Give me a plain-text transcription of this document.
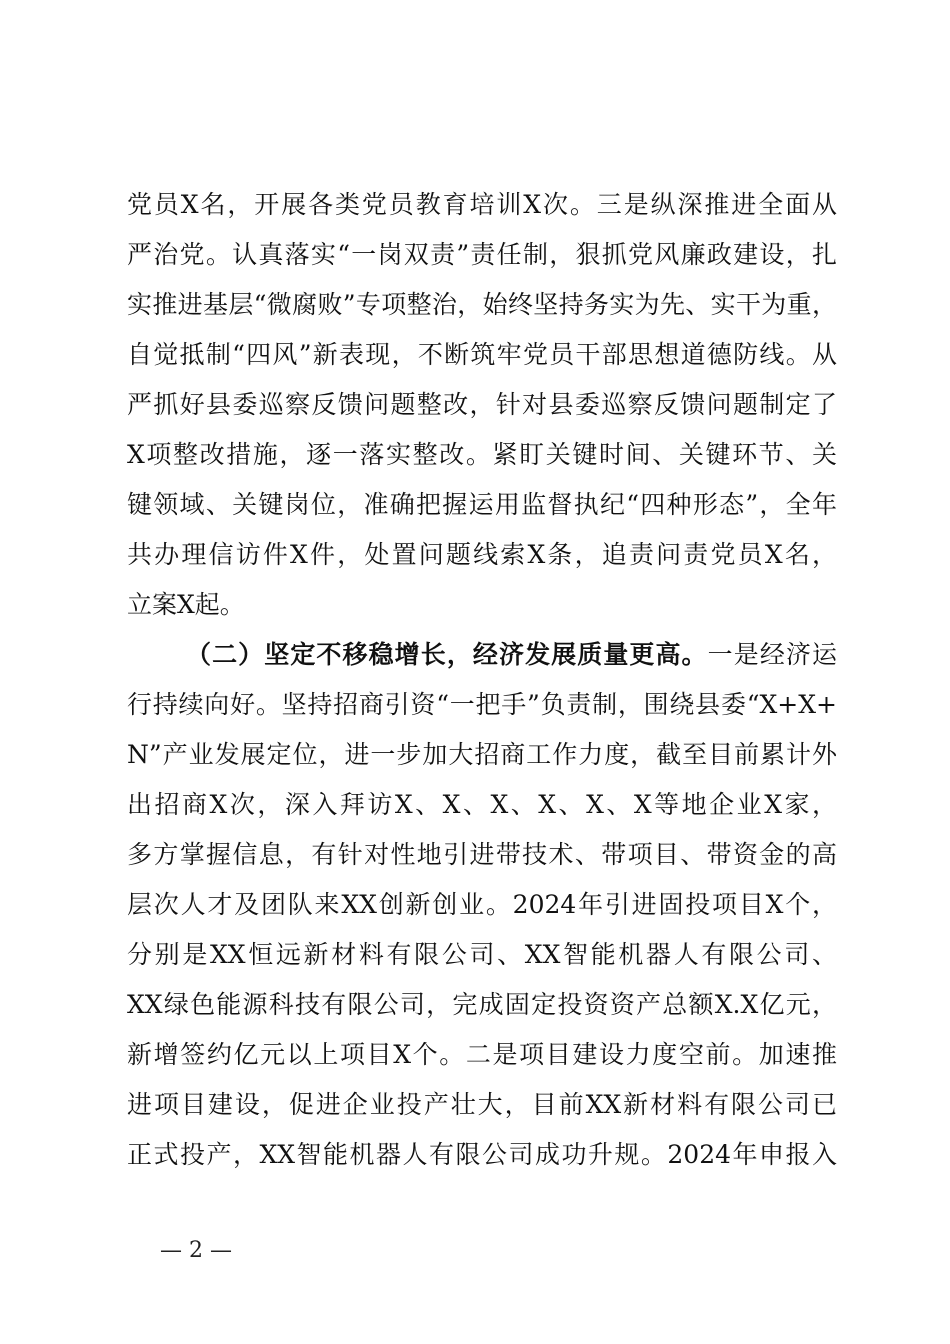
党员X名，开展各类党员教育培训X次。三是纵深推进全面从
严治党。认真落实“一岗双责”责任制，狠抓党风廉政建设，扎
实推进基层“微腐败”专项整治，始终坚持务实为先、实干为重，
自觉抵制“四风”新表现，不断筑牢党员干部思想道德防线。从
严抓好县委巡察反馈问题整改，针对县委巡察反馈问题制定了
X项整改措施，逐一落实整改。紧盯关键时间、关键环节、关
键领域、关键岗位，准确把握运用监督执纪“四种形态”，全年
共办理信访件X件，处置问题线索X条，追责问责党员X名，
立案X起。
（二）坚定不移稳增长，经济发展质量更高。一是经济运
行持续向好。坚持招商引资“一把手”负责制，围绕县委“X+X+
N”产业发展定位，进一步加大招商工作力度，截至目前累计外
出招商X次，深入拜访X、X、X、X、X、X等地企业X家，
多方掌握信息，有针对性地引进带技术、带项目、带资金的高
层次人才及团队来XX创新创业。2024年引进固投项目X个，
分别是XX恒远新材料有限公司、XX智能机器人有限公司、
XX绿色能源科技有限公司，完成固定投资资产总额X.X亿元，
新增签约亿元以上项目X个。二是项目建设力度空前。加速推
进项目建设，促进企业投产壮大，目前XX新材料有限公司已
正式投产，XX智能机器人有限公司成功升规。2024年申报入
— 2 —
